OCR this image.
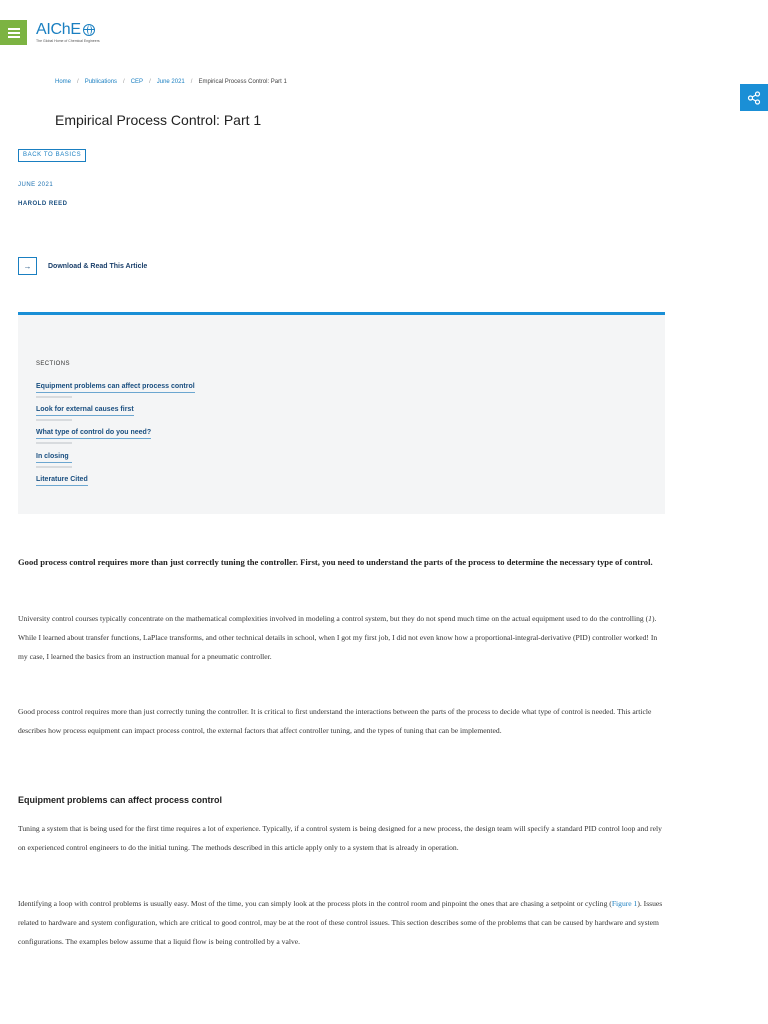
AIChE
The Global Home of Chemical Engineers
Home / Publications / CEP / June 2021 / Empirical Process Control: Part 1
Empirical Process Control: Part 1
BACK TO BASICS
JUNE 2021
HAROLD REED
→	Download & Read This Article
SECTIONS
Equipment problems can affect process control
Look for external causes first
What type of control do you need?
In closing
Literature Cited

Good process control requires more than just correctly tuning the controller. First, you need to understand the parts of the process to determine the necessary type of control.

University control courses typically concentrate on the mathematical complexities involved in modeling a control system, but they do not spend much time on the actual equipment used to do the controlling (1). While I learned about transfer functions, LaPlace transforms, and other technical details in school, when I got my first job, I did not even know how a proportional-integral-derivative (PID) controller worked! In my case, I learned the basics from an instruction manual for a pneumatic controller.

Good process control requires more than just correctly tuning the controller. It is critical to first understand the interactions between the parts of the process to decide what type of control is needed. This article describes how process equipment can impact process control, the external factors that affect controller tuning, and the types of tuning that can be implemented.

Equipment problems can affect process control

Tuning a system that is being used for the first time requires a lot of experience. Typically, if a control system is being designed for a new process, the design team will specify a standard PID control loop and rely on experienced control engineers to do the initial tuning. The methods described in this article apply only to a system that is already in operation.

Identifying a loop with control problems is usually easy. Most of the time, you can simply look at the process plots in the control room and pinpoint the ones that are chasing a setpoint or cycling (Figure 1). Issues related to hardware and system configuration, which are critical to good control, may be at the root of these control issues. This section describes some of the problems that can be caused by hardware and system configurations. The examples below assume that a liquid flow is being controlled by a valve.
